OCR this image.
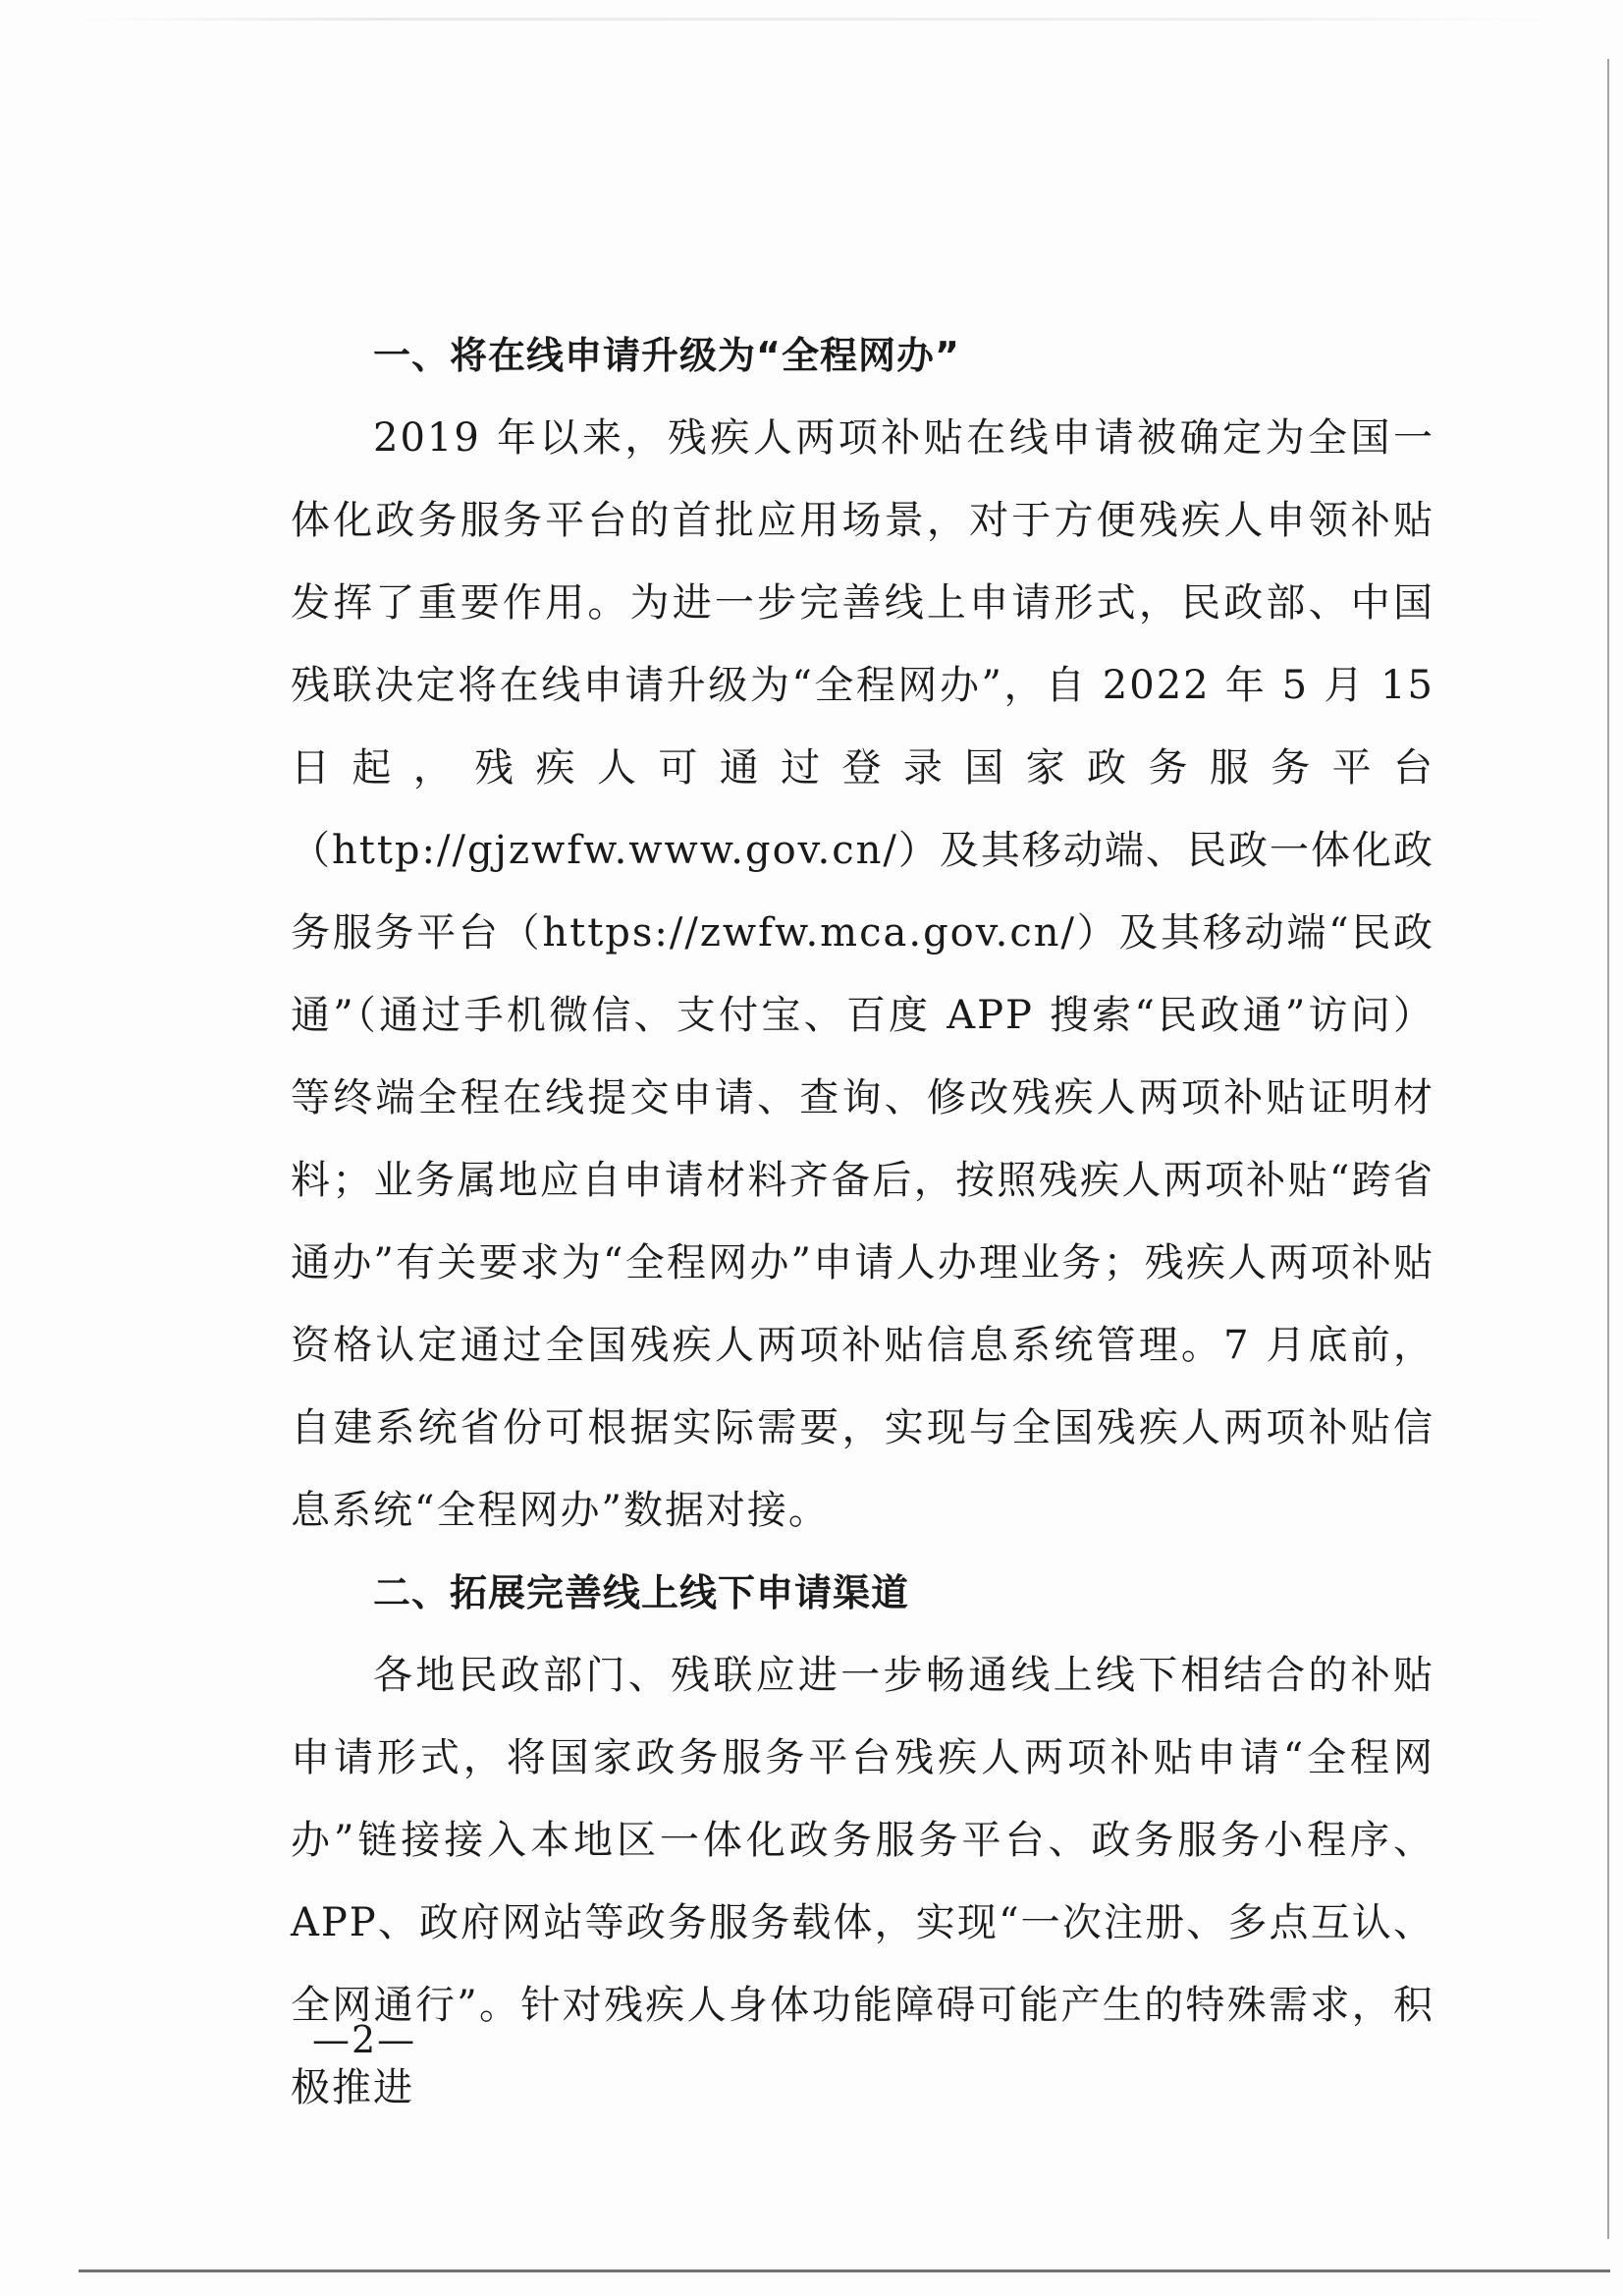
一、将在线申请升级为“全程网办”

2019 年以来，残疾人两项补贴在线申请被确定为全国一体化政务服务平台的首批应用场景，对于方便残疾人申领补贴发挥了重要作用。为进一步完善线上申请形式，民政部、中国残联决定将在线申请升级为“全程网办”，自 2022 年 5 月 15 日起，残疾人可通过登录国家政务服务平台（http://gjzwfw.www.gov.cn/）及其移动端、民政一体化政务服务平台（https://zwfw.mca.gov.cn/）及其移动端“民政通”（通过手机微信、支付宝、百度 APP 搜索“民政通”访问）等终端全程在线提交申请、查询、修改残疾人两项补贴证明材料；业务属地应自申请材料齐备后，按照残疾人两项补贴“跨省通办”有关要求为“全程网办”申请人办理业务；残疾人两项补贴资格认定通过全国残疾人两项补贴信息系统管理。7 月底前，自建系统省份可根据实际需要，实现与全国残疾人两项补贴信息系统“全程网办”数据对接。

二、拓展完善线上线下申请渠道

各地民政部门、残联应进一步畅通线上线下相结合的补贴申请形式，将国家政务服务平台残疾人两项补贴申请“全程网办”链接接入本地区一体化政务服务平台、政务服务小程序、APP、政府网站等政务服务载体，实现“一次注册、多点互认、全网通行”。针对残疾人身体功能障碍可能产生的特殊需求，积极推进

—2—
